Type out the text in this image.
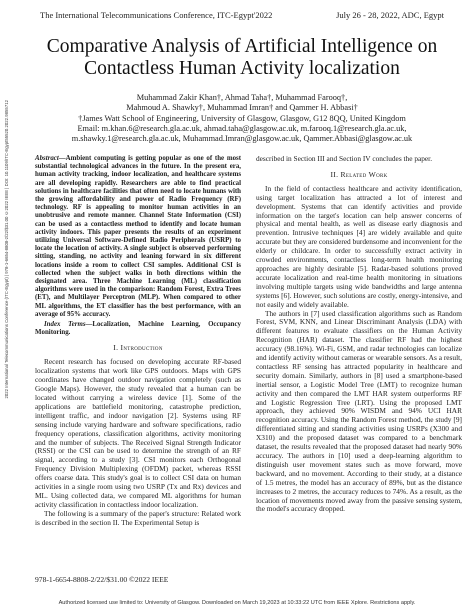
The International Telecommunications Conference, ITC-Egypt'2022	July 26 - 28, 2022, ADC, Egypt
2022 International Telecommunications Conference (ITC-Egypt) | 978-1-6654-8808-2/22/$31.00 ©2022 IEEE | DOI: 10.1109/ITC-Egypt55520.2022.9855712
Comparative Analysis of Artificial Intelligence on
Contactless Human Activity localization
Muhammad Zakir Khan†, Ahmad Taha†, Muhammad Farooq†,
Mahmoud A. Shawky†, Muhammad Imran† and Qammer H. Abbasi†
†James Watt School of Engineering, University of Glasgow, Glasgow, G12 8QQ, United Kingdom
Email: m.khan.6@research.gla.ac.uk, ahmad.taha@glasgow.ac.uk, m.farooq.1@research.gla.ac.uk,
m.shawky.1@research.gla.ac.uk, Muhammad.Imran@glasgow.ac.uk, Qammer.Abbasi@glasgow.ac.uk

Abstract—Ambient computing is getting popular as one of the most substantial technological advances in the future. In the present era, human activity tracking, indoor localization, and healthcare systems are all developing rapidly. Researchers are able to find practical solutions in healthcare facilities that often need to locate humans with the growing affordability and power of Radio Frequency (RF) technology. RF is appealing to monitor human activities in an unobtrusive and remote manner. Channel State Information (CSI) can be used as a contactless method to identify and locate human activity indoors. This paper presents the results of an experiment utilizing Universal Software-Defined Radio Peripherals (USRP) to locate the location of activity. A single subject is observed performing sitting, standing, no activity and leaning forward in six different locations inside a room to collect CSI samples. Additional CSI is collected when the subject walks in both directions within the designated area. Three Machine Learning (ML) classification algorithms were used in the comparison: Random Forest, Extra Trees (ET), and Multilayer Perceptron (MLP). When compared to other ML algorithms, the ET classifier has the best performance, with an average of 95% accuracy.

Index Terms—Localization, Machine Learning, Occupancy Monitoring.

I. Introduction

Recent research has focused on developing accurate RF-based localization systems that work like GPS outdoors. Maps with GPS coordinates have changed outdoor navigation completely (such as Google Maps). However, the study revealed that a human can be located without carrying a wireless device [1]. Some of the applications are battlefield monitoring, catastrophe prediction, intelligent traffic, and indoor navigation [2]. Systems using RF sensing include varying hardware and software specifications, radio frequency operations, classification algorithms, activity monitoring and the number of subjects. The Received Signal Strength Indicator (RSSI) or the CSI can be used to determine the strength of an RF signal, according to a study [3]. CSI monitors each Orthogonal Frequency Division Multiplexing (OFDM) packet, whereas RSSI offers coarse data. This study's goal is to collect CSI data on human activities in a single room using two USRP (Tx and Rx) devices and ML. Using collected data, we compared ML algorithms for human activity classification in contactless indoor localization.

The following is a summary of the paper's structure: Related work is described in the section II. The Experimental Setup is

described in Section III and Section IV concludes the paper.

II. Related Work

In the field of contactless healthcare and activity identification, using target localization has attracted a lot of interest and development. Systems that can identify activities and provide information on the target's location can help answer concerns of physical and mental health, as well as disease early diagnosis and prevention. Intrusive techniques [4] are widely available and quite accurate but they are considered burdensome and inconvenient for the elderly or childcare. In order to successfully extract activity in crowded environments, contactless long-term health monitoring approaches are highly desirable [5]. Radar-based solutions proved accurate localization and real-time health monitoring in situations involving multiple targets using wide bandwidths and large antenna systems [6]. However, such solutions are costly, energy-intensive, and not easily and widely available.

The authors in [7] used classification algorithms such as Random Forest, SVM, KNN, and Linear Discriminant Analysis (LDA) with different features to evaluate classifiers on the Human Activity Recognition (HAR) dataset. The classifier RF had the highest accuracy (98.16%). Wi-Fi, GSM, and radar technologies can localize and identify activity without cameras or wearable sensors. As a result, contactless RF sensing has attracted popularity in healthcare and security domain. Similarly, authors in [8] used a smartphone-based inertial sensor, a Logistic Model Tree (LMT) to recognize human activity and then compared the LMT HAR system outperforms RF and Logistic Regression Tree (LRT). Using the proposed LMT approach, they achieved 90% WISDM and 94% UCI HAR recognition accuracy. Using the Random Forest method, the study [9] differentiated sitting and standing activities using USRPs (X300 and X310) and the proposed dataset was compared to a benchmark dataset, the results revealed that the proposed dataset had nearly 90% accuracy. The authors in [10] used a deep-learning algorithm to distinguish user movement states such as move forward, move backward, and no movement. According to their study, at a distance of 1.5 metres, the model has an accuracy of 89%, but as the distance increases to 2 metres, the accuracy reduces to 74%. As a result, as the location of movements moved away from the passive sensing system, the model's accuracy dropped.

978-1-6654-8808-2/22/$31.00 ©2022 IEEE
Authorized licensed use limited to: University of Glasgow. Downloaded on March 19,2023 at 10:33:22 UTC from IEEE Xplore. Restrictions apply.
